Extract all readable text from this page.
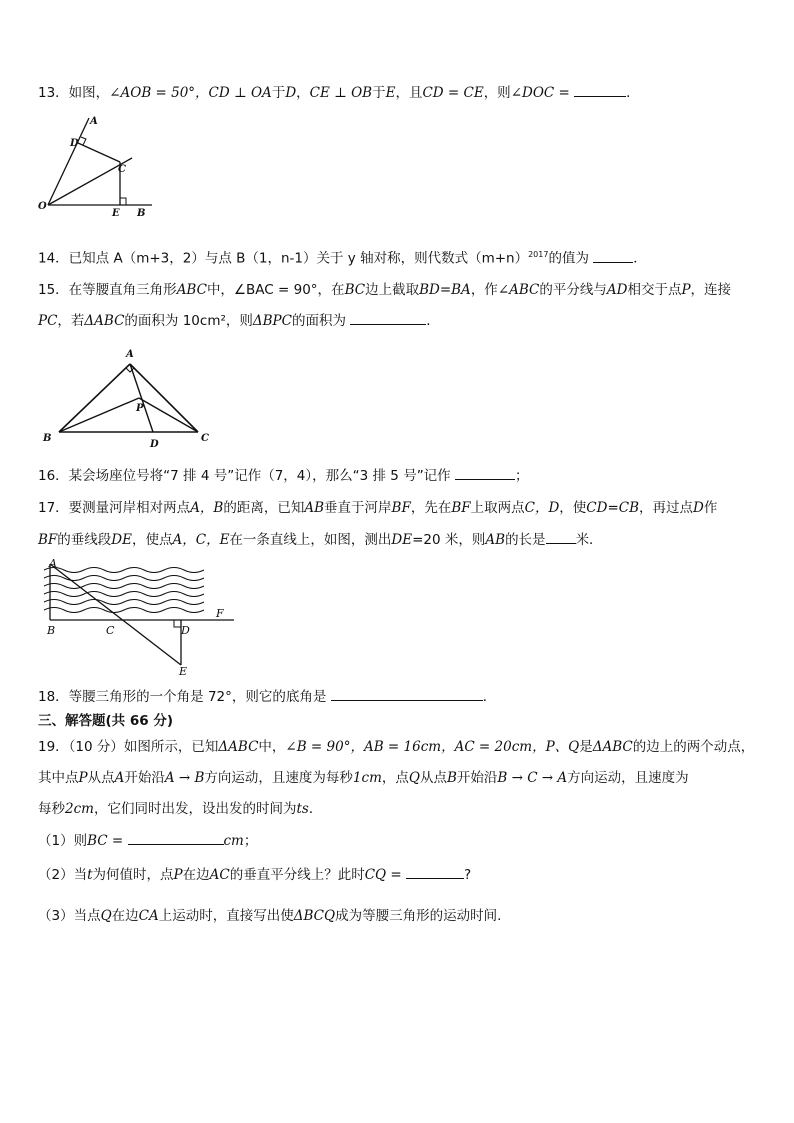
13．如图，∠AOB = 50°，CD ⊥ OA于D，CE ⊥ OB于E，且CD = CE，则∠DOC =	．
A
D
C
O
E B
14．已知点 A（m+3，2）与点 B（1，n-1）关于 y 轴对称，则代数式$(m+n)^{2017}$的值为	．
15．在等腰直角三角形ABC中，∠BAC = 90°，在BC边上截取BD=BA，作∠ABC的平分线与AD相交于点P，连接
PC，若ΔABC的面积为 10cm²，则ΔBPC的面积为	．
A
B
P
D
C
16．某会场座位号将“7 排 4 号”记作（7，4），那么“3 排 5 号”记作	；
17．要测量河岸相对两点A，B的距离，已知AB垂直于河岸BF，先在BF上取两点C，D，使CD=CB，再过点D作
BF的垂线段DE，使点A，C，E在一条直线上，如图，测出DE=20 米，则AB的长是 米．
A
B	C	D
F
E
18．等腰三角形的一个角是 72°，则它的底角是	．
三、解答题(共 66 分)
19．（10 分）如图所示，已知ΔABC中，∠B = 90°，AB = 16cm，AC = 20cm，P、Q是ΔABC的边上的两个动点，
其中点P从点A开始沿A → B方向运动，且速度为每秒1cm，点Q从点B开始沿B → C → A方向运动，且速度为
每秒2cm，它们同时出发，设出发的时间为ts．
（1）则BC =	cm；
（2）当t为何值时，点P在边AC的垂直平分线上？此时CQ =	?
（3）当点Q在边CA上运动时，直接写出使ΔBCQ成为等腰三角形的运动时间.
